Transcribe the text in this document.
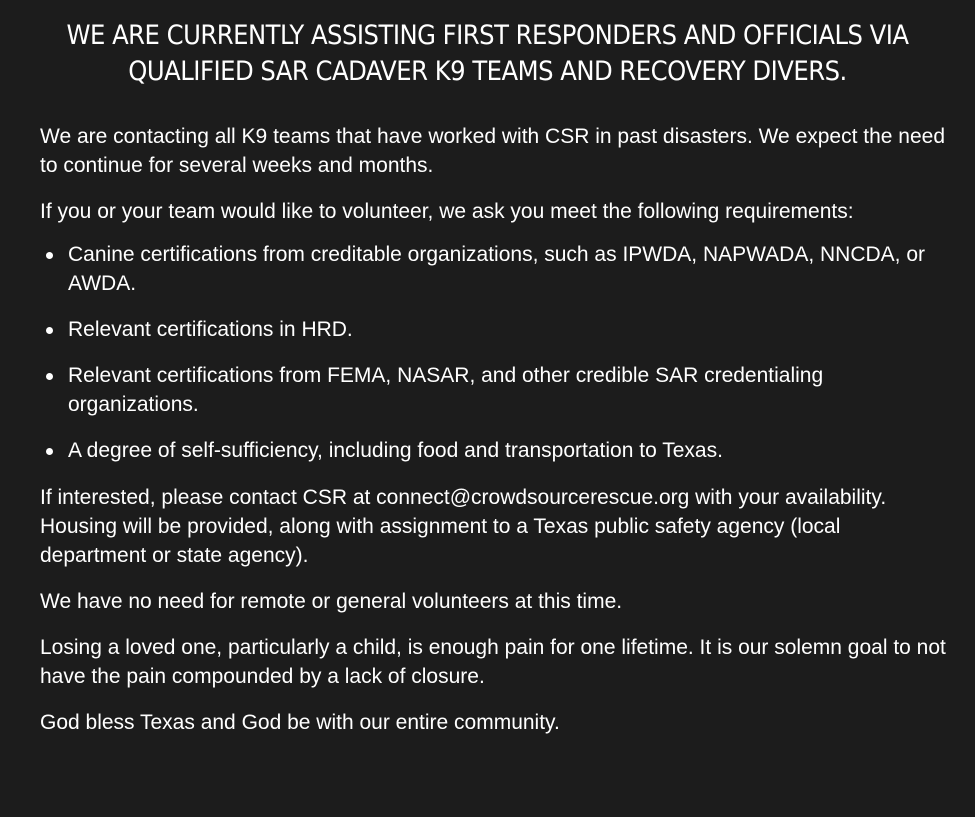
WE ARE CURRENTLY ASSISTING FIRST RESPONDERS AND OFFICIALS VIA QUALIFIED SAR CADAVER K9 TEAMS AND RECOVERY DIVERS.

We are contacting all K9 teams that have worked with CSR in past disasters. We expect the need to continue for several weeks and months.

If you or your team would like to volunteer, we ask you meet the following requirements:

Canine certifications from creditable organizations, such as IPWDA, NAPWADA, NNCDA, or AWDA.
Relevant certifications in HRD.
Relevant certifications from FEMA, NASAR, and other credible SAR credentialing organizations.
A degree of self-sufficiency, including food and transportation to Texas.

If interested, please contact CSR at connect@crowdsourcerescue.org with your availability. Housing will be provided, along with assignment to a Texas public safety agency (local department or state agency).

We have no need for remote or general volunteers at this time.

Losing a loved one, particularly a child, is enough pain for one lifetime. It is our solemn goal to not have the pain compounded by a lack of closure.

God bless Texas and God be with our entire community.
